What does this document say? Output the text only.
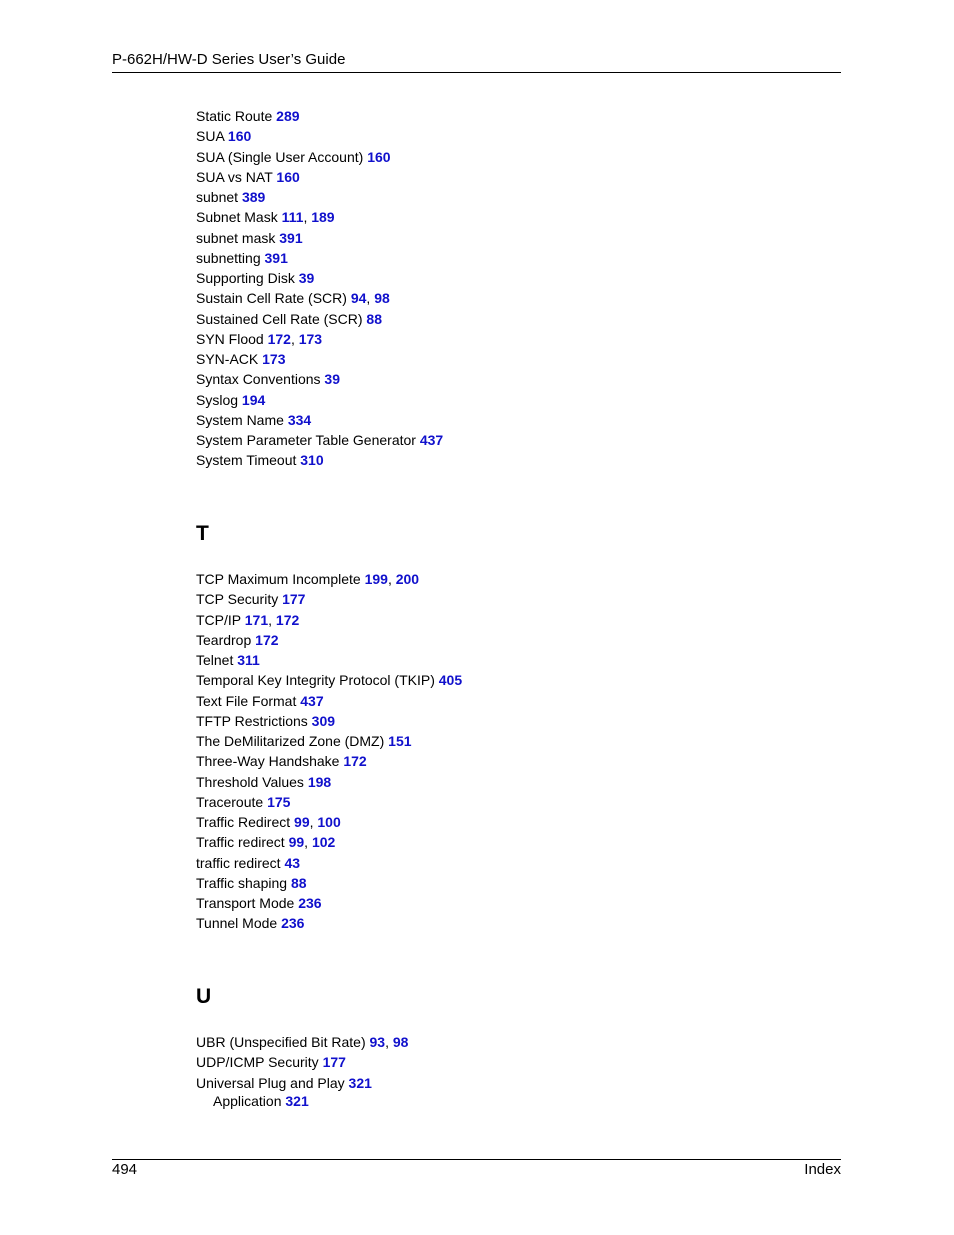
P-662H/HW-D Series User’s Guide
Static Route 289
SUA 160
SUA (Single User Account) 160
SUA vs NAT 160
subnet 389
Subnet Mask 111, 189
subnet mask 391
subnetting 391
Supporting Disk 39
Sustain Cell Rate (SCR) 94, 98
Sustained Cell Rate (SCR) 88
SYN Flood 172, 173
SYN-ACK 173
Syntax Conventions 39
Syslog 194
System Name 334
System Parameter Table Generator 437
System Timeout 310
T
TCP Maximum Incomplete 199, 200
TCP Security 177
TCP/IP 171, 172
Teardrop 172
Telnet 311
Temporal Key Integrity Protocol (TKIP) 405
Text File Format 437
TFTP Restrictions 309
The DeMilitarized Zone (DMZ) 151
Three-Way Handshake 172
Threshold Values 198
Traceroute 175
Traffic Redirect 99, 100
Traffic redirect 99, 102
traffic redirect 43
Traffic shaping 88
Transport Mode 236
Tunnel Mode 236
U
UBR (Unspecified Bit Rate) 93, 98
UDP/ICMP Security 177
Universal Plug and Play 321
Application 321
494	Index
